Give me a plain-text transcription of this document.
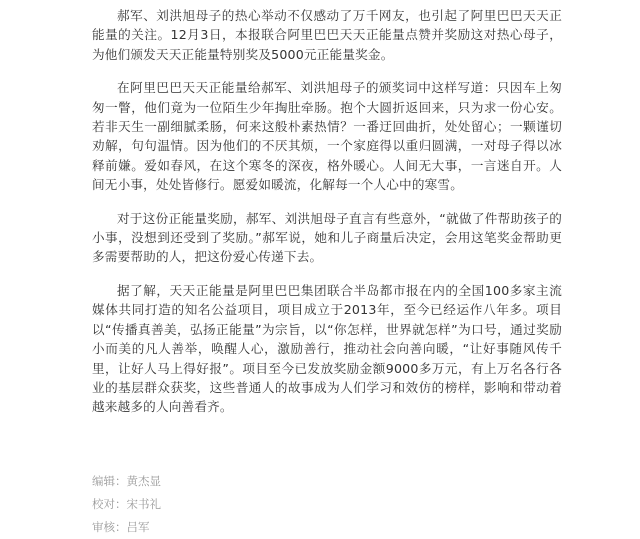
郝军、刘洪旭母子的热心举动不仅感动了万千网友，也引起了阿里巴巴天天正能量的关注。12月3日，本报联合阿里巴巴天天正能量点赞并奖励这对热心母子，为他们颁发天天正能量特别奖及5000元正能量奖金。

在阿里巴巴天天正能量给郝军、刘洪旭母子的颁奖词中这样写道：只因车上匆匆一瞥，他们竟为一位陌生少年掏肚牵肠。抱个大圆折返回来，只为求一份心安。若非天生一副细腻柔肠，何来这般朴素热情？一番迂回曲折，处处留心；一颗谨切劝解，句句温情。因为他们的不厌其烦，一个家庭得以重归圆满，一对母子得以冰释前嫌。爱如春风，在这个寒冬的深夜，格外暖心。人间无大事，一言迷自开。人间无小事，处处皆修行。愿爱如暖流，化解每一个人心中的寒雪。

对于这份正能量奖励，郝军、刘洪旭母子直言有些意外，“就做了件帮助孩子的小事，没想到还受到了奖励。”郝军说，她和儿子商量后决定，会用这笔奖金帮助更多需要帮助的人，把这份爱心传递下去。

据了解，天天正能量是阿里巴巴集团联合半岛都市报在内的全国100多家主流媒体共同打造的知名公益项目，项目成立于2013年，至今已经运作八年多。项目以“传播真善美，弘扬正能量”为宗旨，以“你怎样，世界就怎样”为口号，通过奖励小而美的凡人善举，唤醒人心，激励善行，推动社会向善向暖，“让好事随风传千里，让好人马上得好报”。项目至今已发放奖励金额9000多万元，有上万名各行各业的基层群众获奖，这些普通人的故事成为人们学习和效仿的榜样，影响和带动着越来越多的人向善看齐。

编辑：黄杰显
校对：宋书礼
审核：吕军
